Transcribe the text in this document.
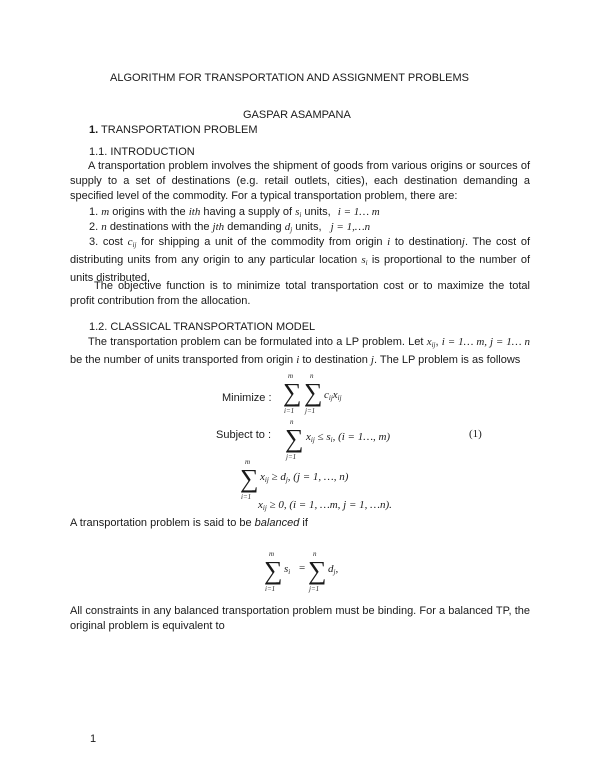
ALGORITHM FOR TRANSPORTATION AND ASSIGNMENT PROBLEMS
GASPAR ASAMPANA
1. TRANSPORTATION PROBLEM
1.1. INTRODUCTION
A transportation problem involves the shipment of goods from various origins or sources of supply to a set of destinations (e.g. retail outlets, cities), each destination demanding a specified level of the commodity. For a typical transportation problem, there are:
1. m origins with the ith having a supply of $s_i$ units, i = 1… m
2. n destinations with the jth demanding $d_j$ units, j = 1,…n
3. cost $c_{ij}$ for shipping a unit of the commodity from origin i to destinationj. The cost of distributing units from any origin to any particular location $s_i$ is proportional to the number of units distributed.
The objective function is to minimize total transportation cost or to maximize the total profit contribution from the allocation.
1.2. CLASSICAL TRANSPORTATION MODEL
The transportation problem can be formulated into a LP problem. Let $x_{ij}$, i = 1… m, j = 1… n be the number of units transported from origin i to destination j. The LP problem is as follows
Minimize :
m
∑
i=1
n
∑
j=1
$c_{ij}x_{ij}$
Subject to :
n
∑
j=1
$x_{ij} \le s_i$, (i = 1…, m)	(1)
m
∑
i=1
$x_{ij} \ge d_j$, (j = 1, …, n)
$x_{ij} \ge 0$, (i = 1, …m, j = 1, …n).
A transportation problem is said to be balanced if
m
∑
i=1
$s_i$ =
n
∑
j=1
$d_j$,
All constraints in any balanced transportation problem must be binding. For a balanced TP, the original problem is equivalent to
1
